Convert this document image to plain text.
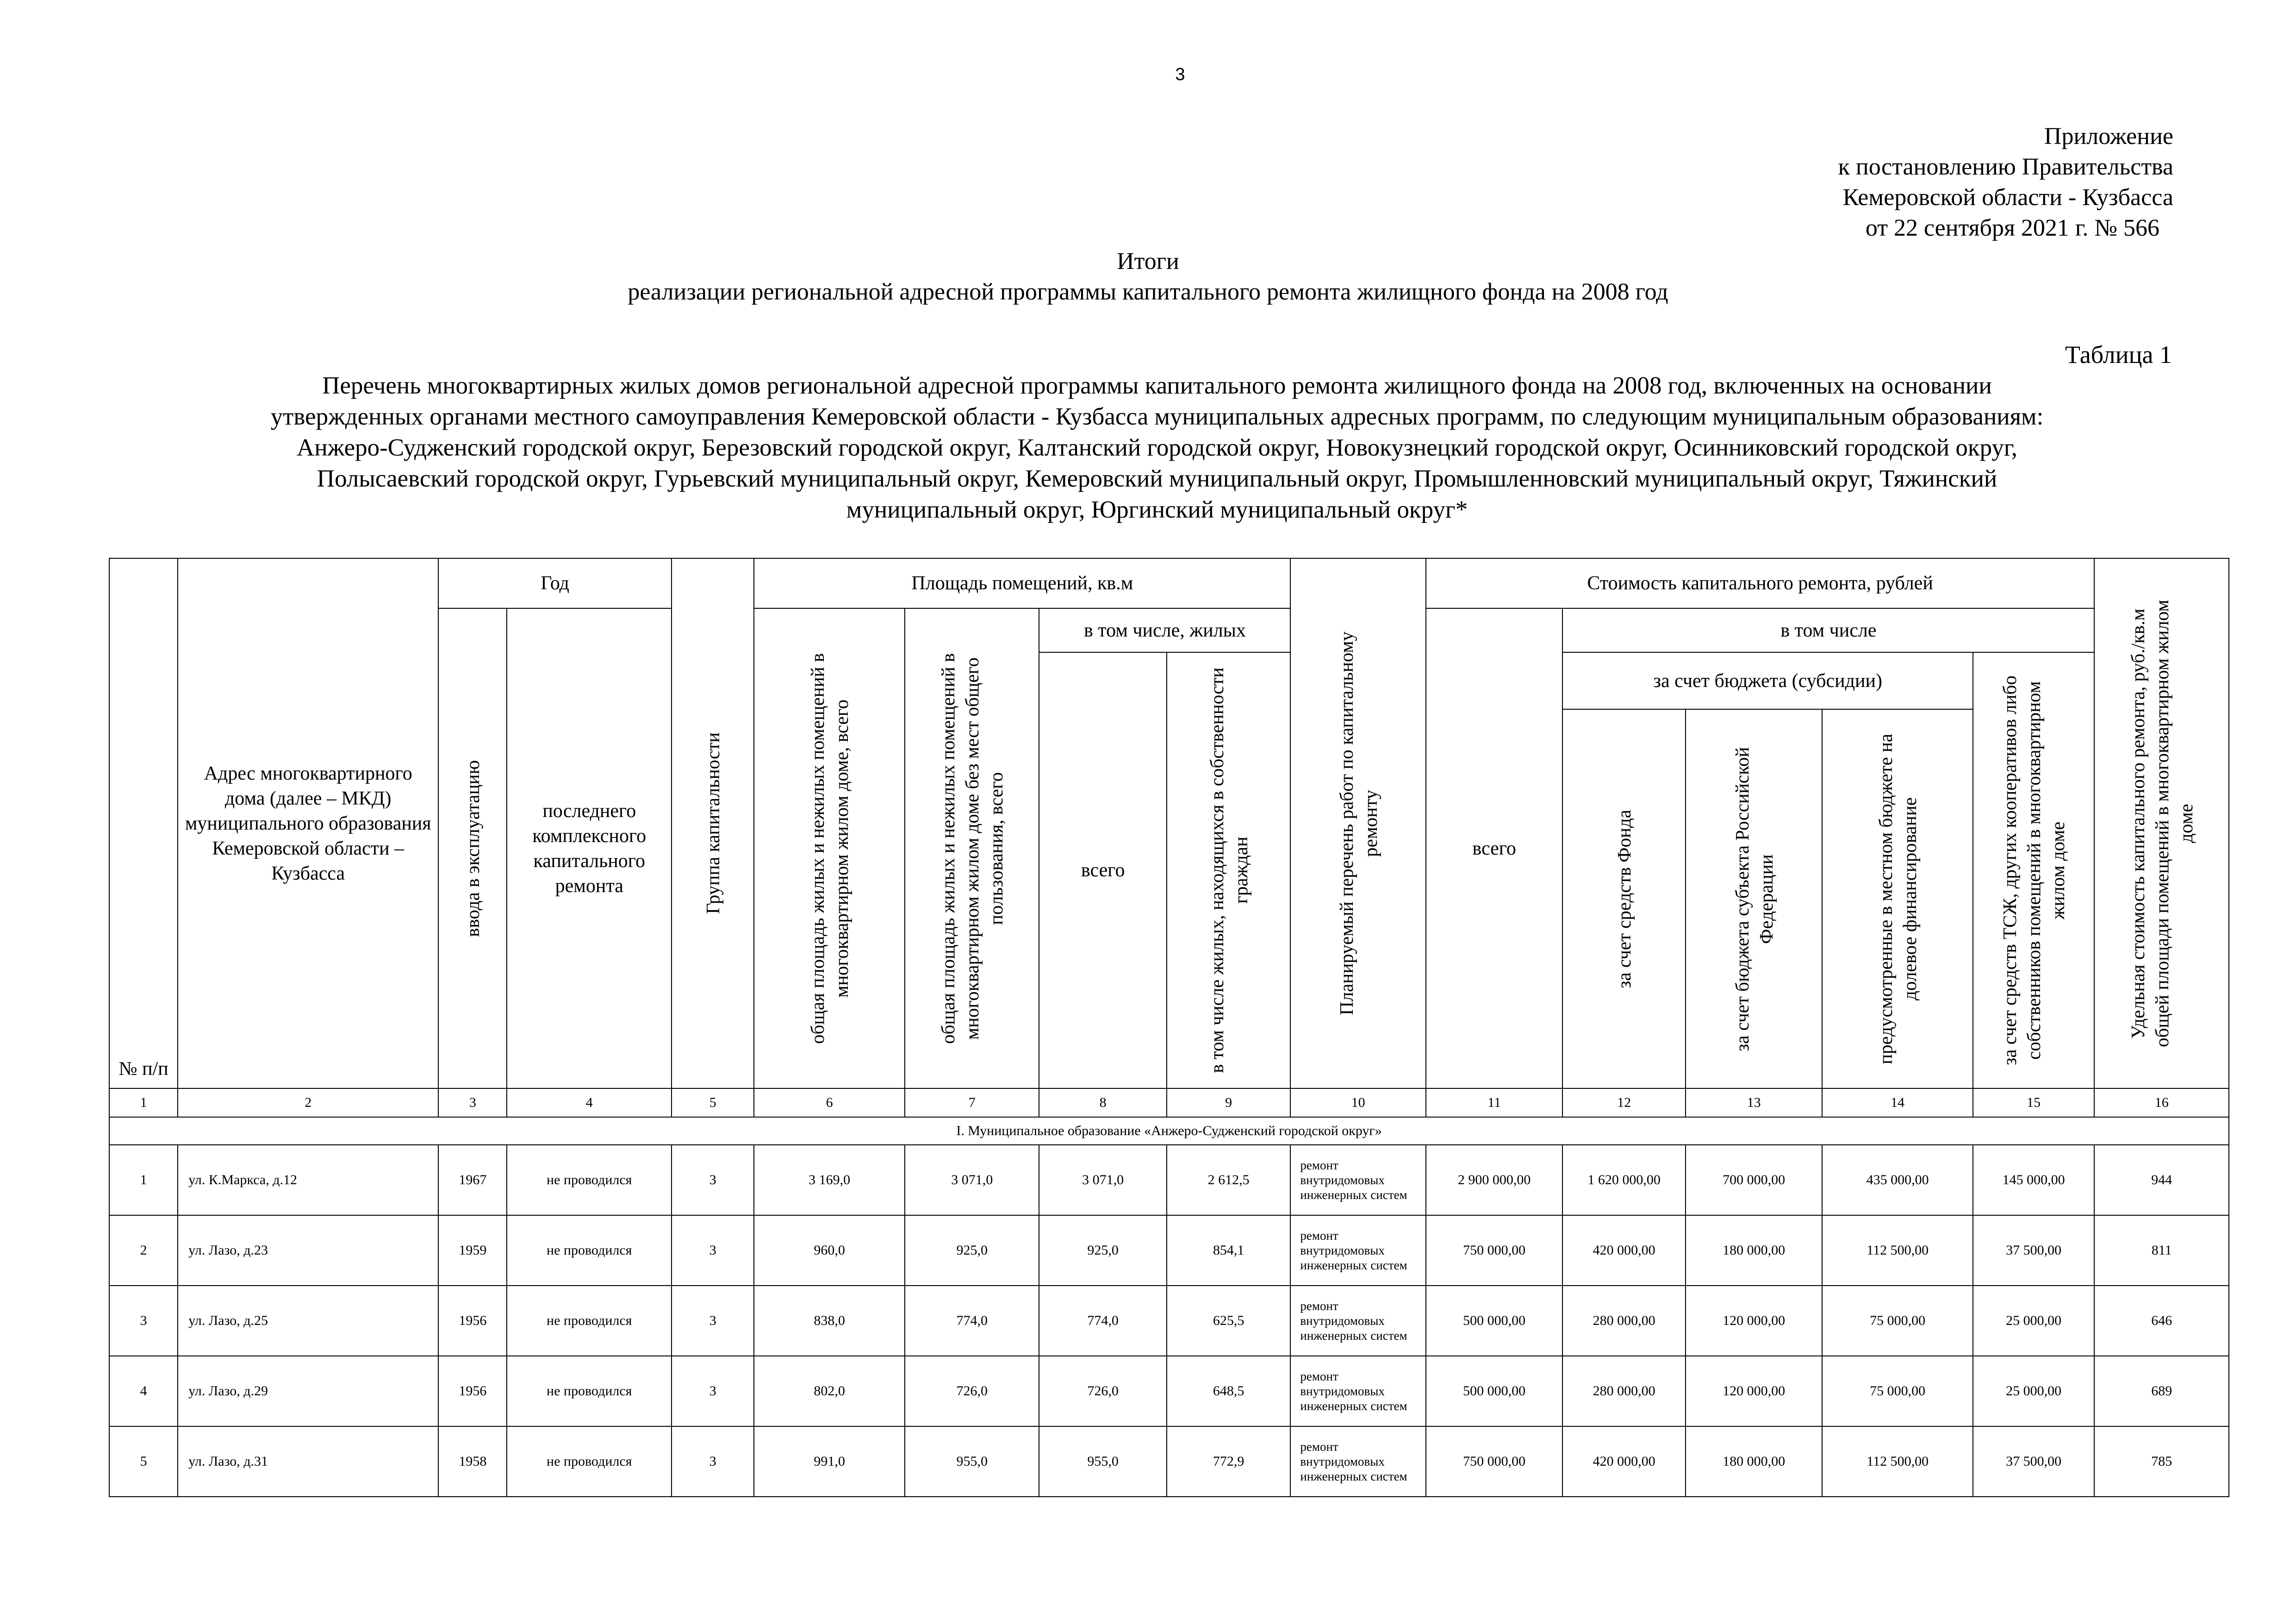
3
Приложение
к постановлению Правительства
Кемеровской области - Кузбасса
от 22 сентября 2021 г. № 566
Итоги
реализации региональной адресной программы капитального ремонта жилищного фонда на 2008 год
Таблица 1
Перечень многоквартирных жилых домов региональной адресной программы капитального ремонта жилищного фонда на 2008 год, включенных на основании
утвержденных органами местного самоуправления Кемеровской области - Кузбасса муниципальных адресных программ, по следующим муниципальным образованиям:
Анжеро-Судженский городской округ, Березовский городской округ, Калтанский городской округ, Новокузнецкий городской округ, Осинниковский городской округ,
Полысаевский городской округ, Гурьевский муниципальный округ, Кемеровский муниципальный округ, Промышленновский муниципальный округ, Тяжинский
муниципальный округ, Юргинский муниципальный округ*
№ п/п	Адрес многоквартирного дома (далее – МКД) муниципального образования Кемеровской области – Кузбасса	Год		Группа капитальности	Площадь помещений, кв.м				Планируемый перечень работ по капитальному ремонту	Стоимость капитального ремонта, рублей					Удельная стоимость капитального ремонта, руб./кв.м общей площади помещений в многоквартирном жилом доме

		ввода в эксплуатацию	последнего комплексного капитального ремонта		общая площадь жилых и нежилых помещений в многоквартирном жилом доме, всего	общая площадь жилых и нежилых помещений в многоквартирном жилом доме без мест общего пользования, всего	в том числе, жилых			всего	в том числе				
							всего	в том числе жилых, находящихся в собственности граждан			за счет бюджета (субсидии)			за счет средств ТСЖ, других кооперативов либо собственников помещений в многоквартирном жилом доме	

											за счет средств Фонда	за счет бюджета субъекта Российской Федерации	предусмотренные в местном бюджете на долевое финансирование		

1	2	3	4	5	6	7	8	9	10	11	12	13	14	15	16
I. Муниципальное образование «Анжеро-Судженский городской округ»															
1	ул. К.Маркса, д.12	1967	не проводился	3	3 169,0	3 071,0	3 071,0	2 612,5	ремонт внутридомовых инженерных систем	2 900 000,00	1 620 000,00	700 000,00	435 000,00	145 000,00	944
2	ул. Лазо, д.23	1959	не проводился	3	960,0	925,0	925,0	854,1	ремонт внутридомовых инженерных систем	750 000,00	420 000,00	180 000,00	112 500,00	37 500,00	811
3	ул. Лазо, д.25	1956	не проводился	3	838,0	774,0	774,0	625,5	ремонт внутридомовых инженерных систем	500 000,00	280 000,00	120 000,00	75 000,00	25 000,00	646
4	ул. Лазо, д.29	1956	не проводился	3	802,0	726,0	726,0	648,5	ремонт внутридомовых инженерных систем	500 000,00	280 000,00	120 000,00	75 000,00	25 000,00	689
5	ул. Лазо, д.31	1958	не проводился	3	991,0	955,0	955,0	772,9	ремонт внутридомовых инженерных систем	750 000,00	420 000,00	180 000,00	112 500,00	37 500,00	785
